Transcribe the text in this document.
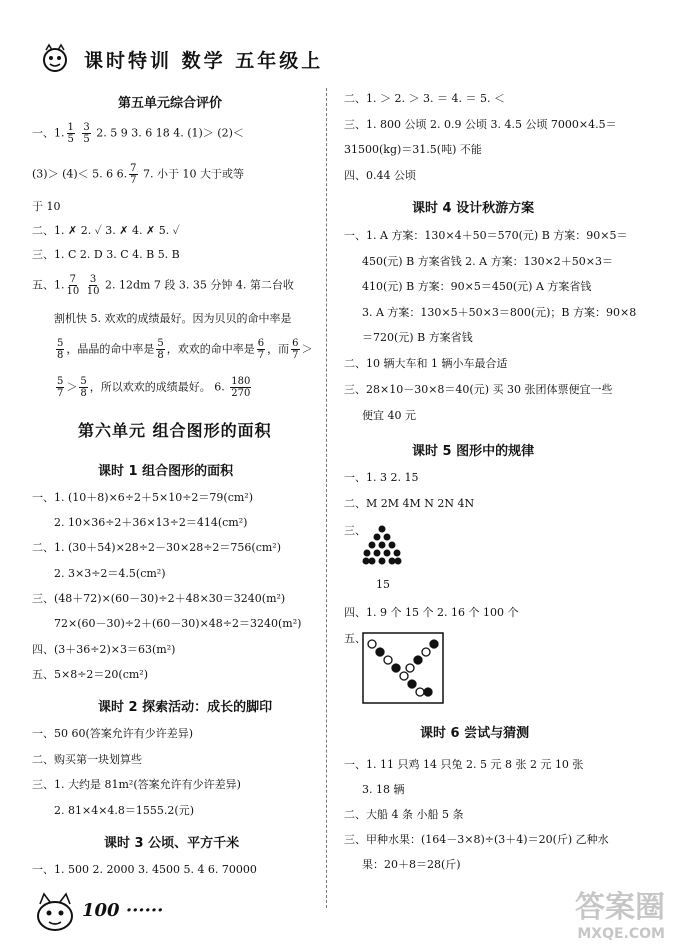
课时特训 数学 五年级上
第五单元综合评价
一、1. $\frac{1}{5}$
$\frac{3}{5} 2$. 5 9 3. 6 18 4. (1)＞ (2)＜
(3)＞ (4)＜ 5. 6 6. $\frac{7}{7} 7$. 小于 10 大于或等
于 10
二、1. ✗ 2. ✓ 3. ✗ 4. ✗ 5. ✓
三、1. C 2. D 3. C 4. B 5. B
五、1. $\frac{7}{10}$
$\frac{3}{10} 2$. 12dm 7 段 3. 35 分钟 4. 第二台收
割机快 5. 欢欢的成绩最好。因为贝贝的命中率是
$\frac{5}{8}$ ，晶晶的命中率是 $\frac{5}{8}$ ，欢欢的命中率是 $\frac{6}{7}$ ，而 $\frac{6}{7}$ ＞
$\frac{5}{7} > \frac{5}{8}$ ，所以欢欢的成绩最好。 6. $\frac{180}{270}$
第六单元 组合图形的面积
课时 1 组合图形的面积
一、1. (10＋8)×6÷2＋5×10÷2＝79(cm²)
2. 10×36÷2＋36×13÷2＝414(cm²)
二、1. (30＋54)×28÷2－30×28÷2＝756(cm²)
2. 3×3÷2＝4.5(cm²)
三、(48＋72)×(60－30)÷2＋48×30＝3240(m²)
72×(60－30)÷2＋(60－30)×48÷2＝3240(m²)
四、(3＋36÷2)×3＝63(m²)
五、5×8÷2＝20(cm²)
课时 2 探索活动：成长的脚印
一、50 60(答案允许有少许差异)
二、购买第一块划算些
三、1. 大约是 81m²(答案允许有少许差异)
2. 81×4×4.8＝1555.2(元)
课时 3 公顷、平方千米
一、1. 500 2. 2000 3. 4500 5. 4 6. 70000
二、1. ＞ 2. ＞ 3. ＝ 4. ＝ 5. ＜
三、1. 800 公顷 2. 0.9 公顷 3. 4.5 公顷 7000×4.5＝
31500(kg)＝31.5(吨) 不能
四、0.44 公顷
课时 4 设计秋游方案
一、1. A 方案：130×4＋50＝570(元) B 方案：90×5＝
450(元) B 方案省钱 2. A 方案：130×2＋50×3＝
410(元) B 方案：90×5＝450(元) A 方案省钱
3. A 方案：130×5＋50×3＝800(元)；B 方案：90×8
＝720(元) B 方案省钱
二、10 辆大车和 1 辆小车最合适
三、28×10－30×8＝40(元) 买 30 张团体票便宜一些
便宜 40 元
课时 5 图形中的规律
一、1. 3 2. 15
二、M 2M 4M N 2N 4N
三、
15
四、1. 9 个 15 个 2. 16 个 100 个
五、
课时 6 尝试与猜测
一、1. 11 只鸡 14 只兔 2. 5 元 8 张 2 元 10 张
3. 18 辆
二、大船 4 条 小船 5 条
三、甲种水果：(164－3×8)÷(3＋4)＝20(斤) 乙种水
果：20＋8＝28(斤)
100 ······	答案圈
MXQE.COM
